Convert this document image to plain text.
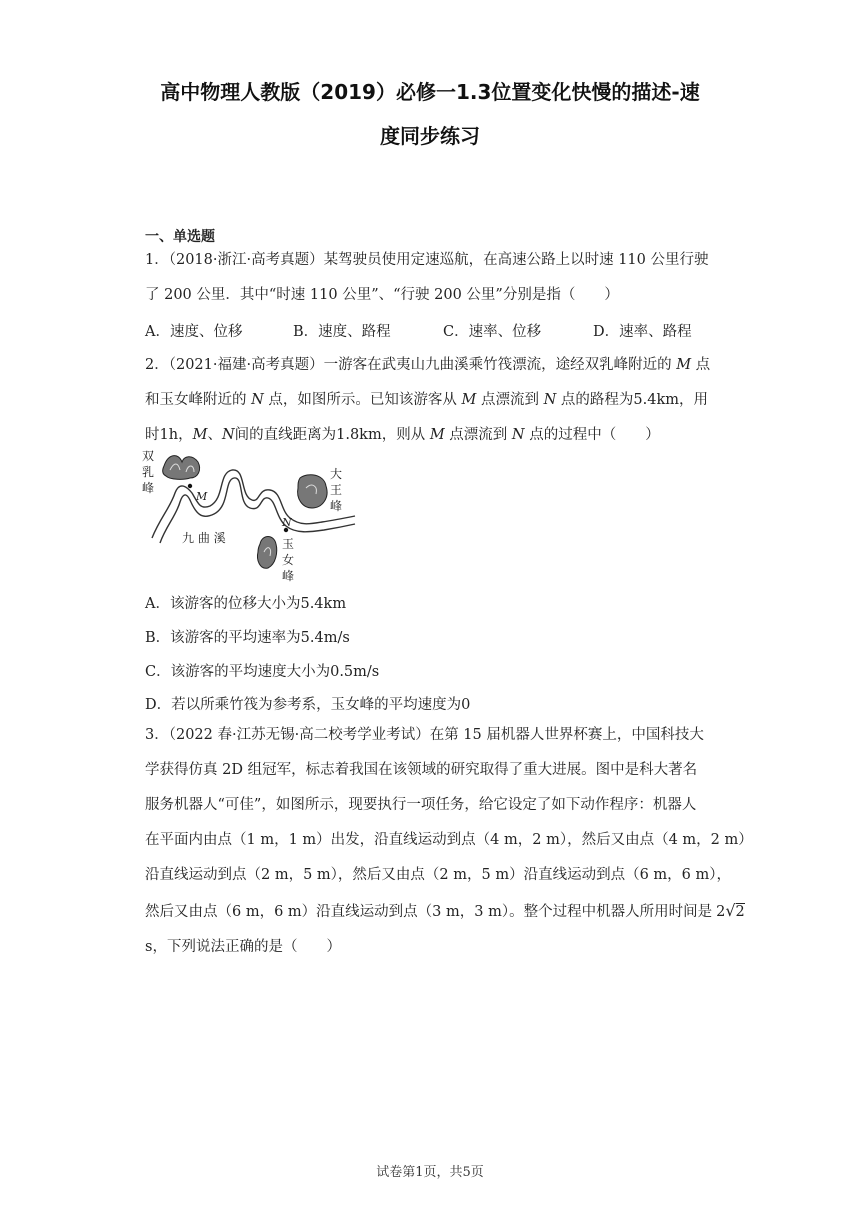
高中物理人教版（2019）必修一1.3位置变化快慢的描述-速
度同步练习
一、单选题
1．（2018·浙江·高考真题）某驾驶员使用定速巡航，在高速公路上以时速 110 公里行驶
了 200 公里．其中“时速 110 公里”、“行驶 200 公里”分别是指（　　）
A．速度、位移	B．速度、路程	C．速率、位移	D．速率、路程
2．（2021·福建·高考真题）一游客在武夷山九曲溪乘竹筏漂流，途经双乳峰附近的 M 点
和玉女峰附近的 N 点，如图所示。已知该游客从 M 点漂流到 N 点的路程为5.4km，用
时1h，M、N间的直线距离为1.8km，则从 M 点漂流到 N 点的过程中（　　）
双
乳
峰
大
王
峰
玉
女
峰
九 曲 溪
M
N
A．该游客的位移大小为5.4km
B．该游客的平均速率为5.4m/s
C．该游客的平均速度大小为0.5m/s
D．若以所乘竹筏为参考系，玉女峰的平均速度为0
3．（2022 春·江苏无锡·高二校考学业考试）在第 15 届机器人世界杯赛上，中国科技大
学获得仿真 2D 组冠军，标志着我国在该领域的研究取得了重大进展。图中是科大著名
服务机器人“可佳”，如图所示，现要执行一项任务，给它设定了如下动作程序：机器人
在平面内由点（1 m，1 m）出发，沿直线运动到点（4 m，2 m），然后又由点（4 m，2 m）
沿直线运动到点（2 m，5 m），然后又由点（2 m，5 m）沿直线运动到点（6 m，6 m），
然后又由点（6 m，6 m）沿直线运动到点（3 m，3 m）。整个过程中机器人所用时间是 2√2
s，下列说法正确的是（　　）
试卷第1页，共5页
